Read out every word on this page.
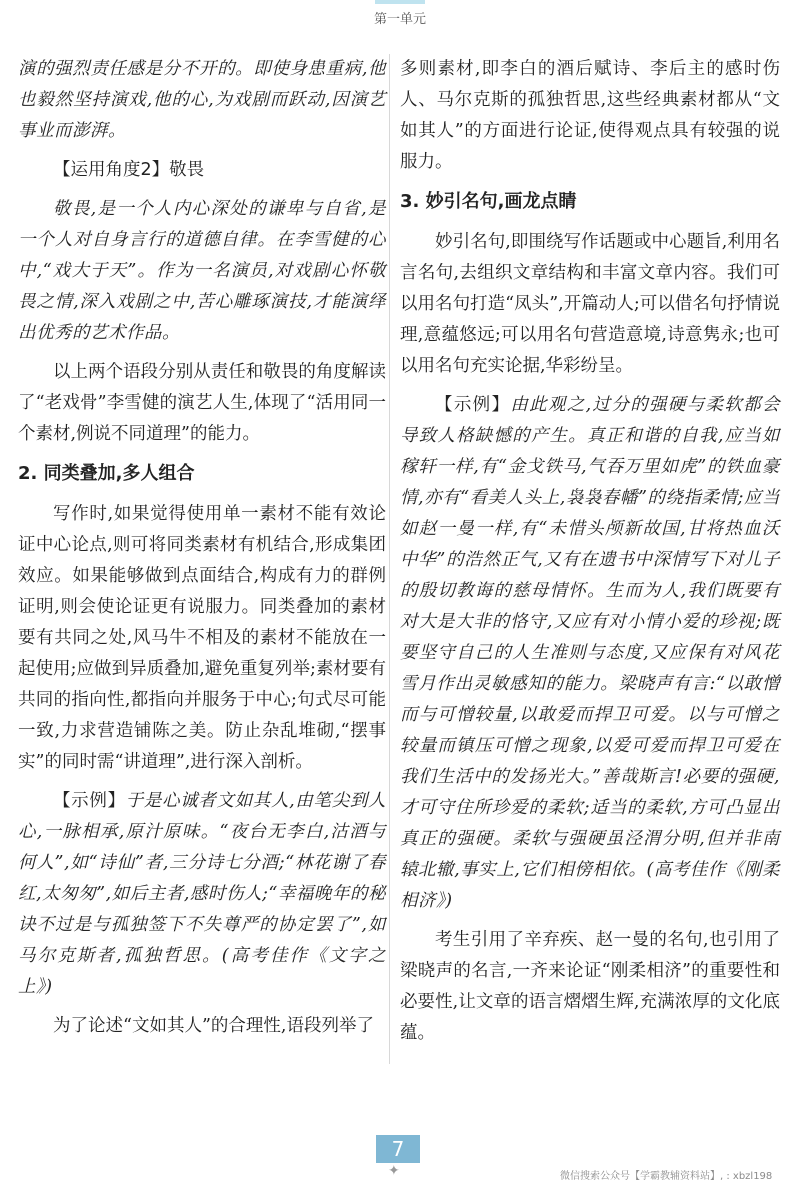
第一单元

演的强烈责任感是分不开的。即使身患重病,他也毅然坚持演戏,他的心,为戏剧而跃动,因演艺事业而澎湃。

【运用角度2】敬畏

敬畏,是一个人内心深处的谦卑与自省,是一个人对自身言行的道德自律。在李雪健的心中,“戏大于天”。作为一名演员,对戏剧心怀敬畏之情,深入戏剧之中,苦心雕琢演技,才能演绎出优秀的艺术作品。

以上两个语段分别从责任和敬畏的角度解读了“老戏骨”李雪健的演艺人生,体现了“活用同一个素材,例说不同道理”的能力。

2. 同类叠加,多人组合

写作时,如果觉得使用单一素材不能有效论证中心论点,则可将同类素材有机结合,形成集团效应。如果能够做到点面结合,构成有力的群例证明,则会使论证更有说服力。同类叠加的素材要有共同之处,风马牛不相及的素材不能放在一起使用;应做到异质叠加,避免重复列举;素材要有共同的指向性,都指向并服务于中心;句式尽可能一致,力求营造铺陈之美。防止杂乱堆砌,“摆事实”的同时需“讲道理”,进行深入剖析。

【示例】于是心诚者文如其人,由笔尖到人心,一脉相承,原汁原味。“夜台无李白,沽酒与何人”,如“诗仙”者,三分诗七分酒;“林花谢了春红,太匆匆”,如后主者,感时伤人;“幸福晚年的秘诀不过是与孤独签下不失尊严的协定罢了”,如马尔克斯者,孤独哲思。(高考佳作《文字之上》)

为了论述“文如其人”的合理性,语段列举了

多则素材,即李白的酒后赋诗、李后主的感时伤人、马尔克斯的孤独哲思,这些经典素材都从“文如其人”的方面进行论证,使得观点具有较强的说服力。

3. 妙引名句,画龙点睛

妙引名句,即围绕写作话题或中心题旨,利用名言名句,去组织文章结构和丰富文章内容。我们可以用名句打造“凤头”,开篇动人;可以借名句抒情说理,意蕴悠远;可以用名句营造意境,诗意隽永;也可以用名句充实论据,华彩纷呈。

【示例】由此观之,过分的强硬与柔软都会导致人格缺憾的产生。真正和谐的自我,应当如稼轩一样,有“金戈铁马,气吞万里如虎”的铁血豪情,亦有“看美人头上,袅袅春幡”的绕指柔情;应当如赵一曼一样,有“未惜头颅新故国,甘将热血沃中华”的浩然正气,又有在遗书中深情写下对儿子的殷切教诲的慈母情怀。生而为人,我们既要有对大是大非的恪守,又应有对小情小爱的珍视;既要坚守自己的人生准则与态度,又应保有对风花雪月作出灵敏感知的能力。梁晓声有言:“以敢憎而与可憎较量,以敢爱而捍卫可爱。以与可憎之较量而镇压可憎之现象,以爱可爱而捍卫可爱在我们生活中的发扬光大。”善哉斯言!必要的强硬,才可守住所珍爱的柔软;适当的柔软,方可凸显出真正的强硬。柔软与强硬虽泾渭分明,但并非南辕北辙,事实上,它们相傍相依。(高考佳作《刚柔相济》)

考生引用了辛弃疾、赵一曼的名句,也引用了梁晓声的名言,一齐来论证“刚柔相济”的重要性和必要性,让文章的语言熠熠生辉,充满浓厚的文化底蕴。

7
✦	微信搜索公众号【学霸教辅资料站】, : xbzl198
